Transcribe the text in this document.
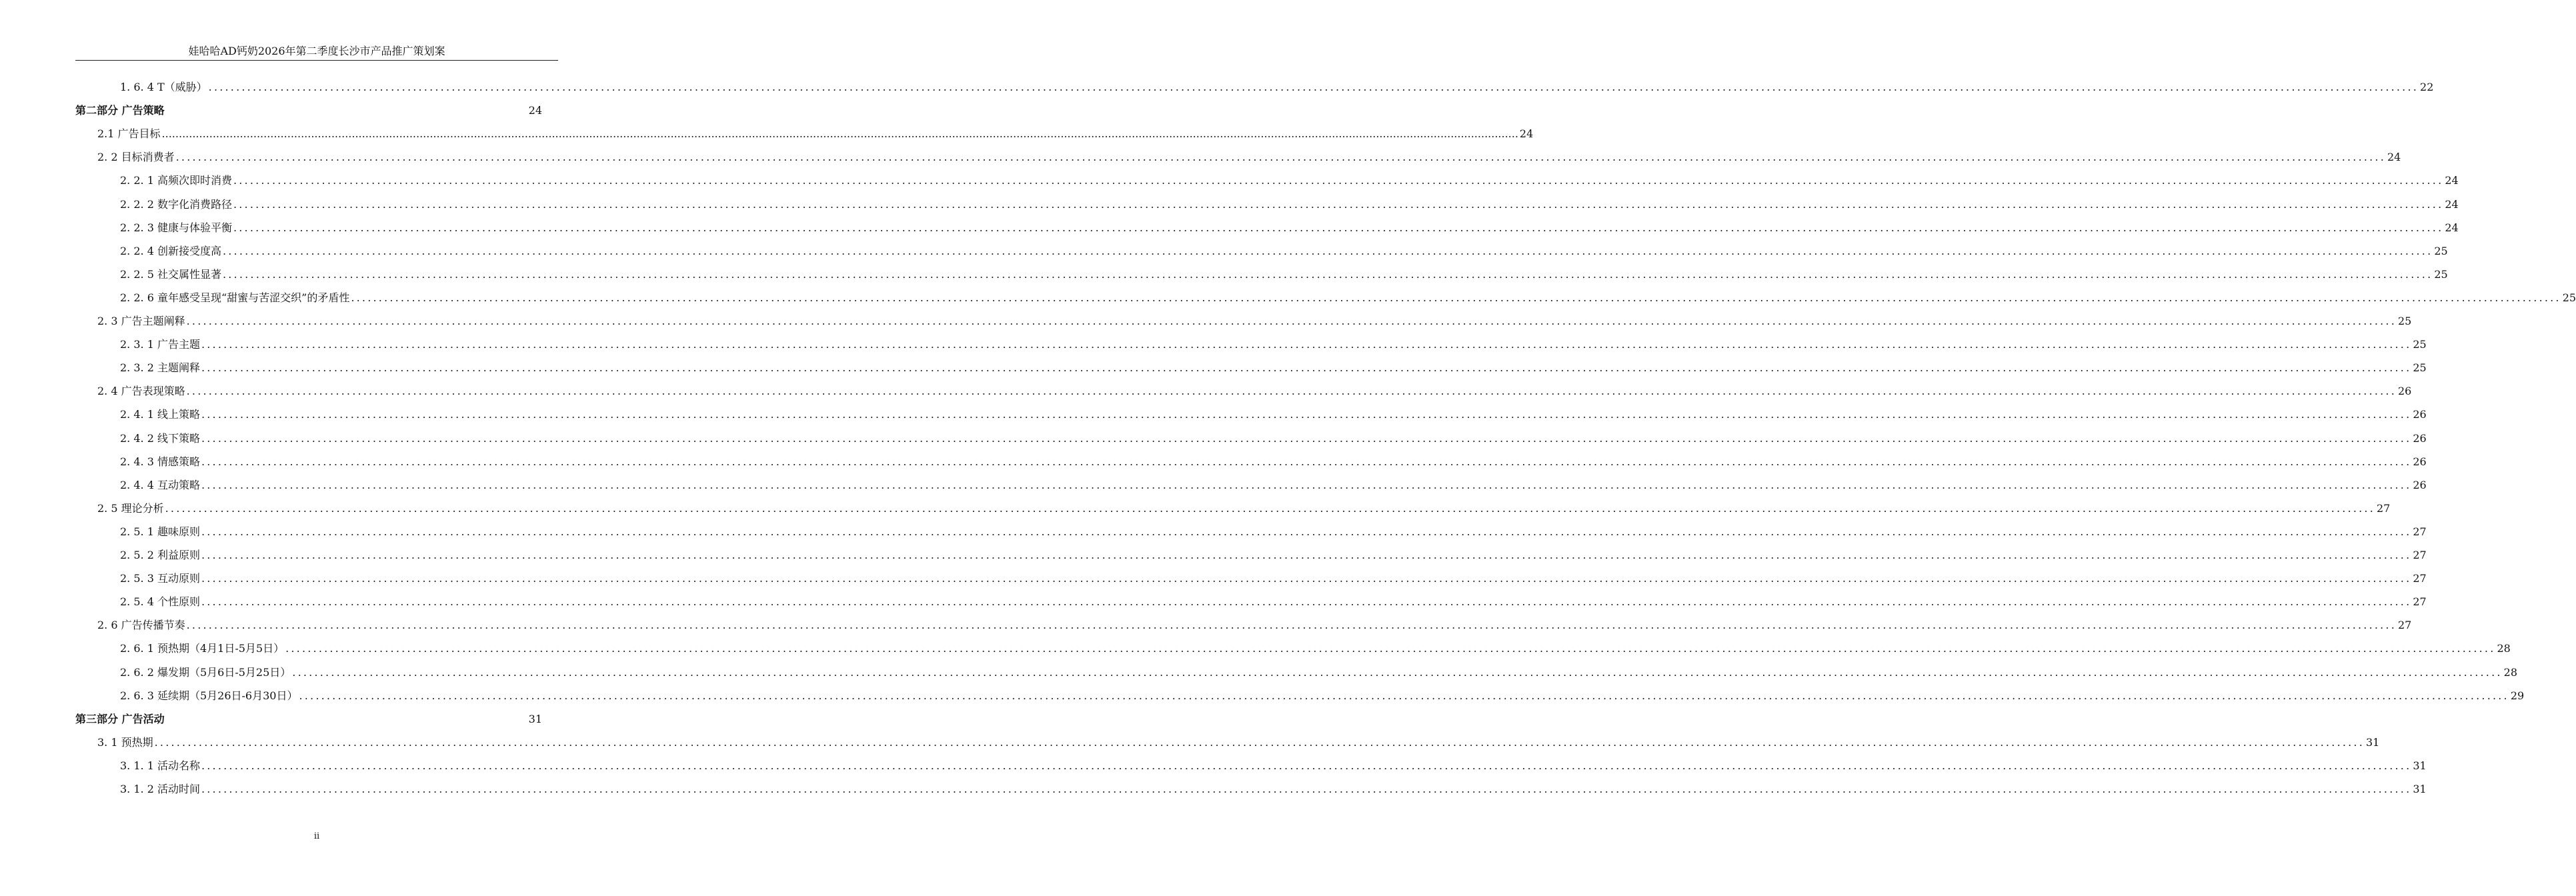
娃哈哈AD钙奶2026年第二季度长沙市产品推广策划案
1. 6. 4 T（威胁） ................................................................................................................................................................................................................................................................................................................................................................................................................ 22
第二部分 广告策略	24
2.1 广告目标 ................................................................................................................................................................................................................................................................................................................................................................................................................ 24
2. 2 目标消费者 ................................................................................................................................................................................................................................................................................................................................................................................................................ 24
2. 2. 1 高频次即时消费 ................................................................................................................................................................................................................................................................................................................................................................................................................ 24
2. 2. 2 数字化消费路径 ................................................................................................................................................................................................................................................................................................................................................................................................................ 24
2. 2. 3 健康与体验平衡 ................................................................................................................................................................................................................................................................................................................................................................................................................ 24
2. 2. 4 创新接受度高 ................................................................................................................................................................................................................................................................................................................................................................................................................ 25
2. 2. 5 社交属性显著 ................................................................................................................................................................................................................................................................................................................................................................................................................ 25
2. 2. 6 童年感受呈现“甜蜜与苦涩交织”的矛盾性 ................................................................................................................................................................................................................................................................................................................................................................................................................ 25
2. 3 广告主题阐释 ................................................................................................................................................................................................................................................................................................................................................................................................................ 25
2. 3. 1 广告主题 ................................................................................................................................................................................................................................................................................................................................................................................................................ 25
2. 3. 2 主题阐释 ................................................................................................................................................................................................................................................................................................................................................................................................................ 25
2. 4 广告表现策略 ................................................................................................................................................................................................................................................................................................................................................................................................................ 26
2. 4. 1 线上策略 ................................................................................................................................................................................................................................................................................................................................................................................................................ 26
2. 4. 2 线下策略 ................................................................................................................................................................................................................................................................................................................................................................................................................ 26
2. 4. 3 情感策略 ................................................................................................................................................................................................................................................................................................................................................................................................................ 26
2. 4. 4 互动策略 ................................................................................................................................................................................................................................................................................................................................................................................................................ 26
2. 5 理论分析 ................................................................................................................................................................................................................................................................................................................................................................................................................ 27
2. 5. 1 趣味原则 ................................................................................................................................................................................................................................................................................................................................................................................................................ 27
2. 5. 2 利益原则 ................................................................................................................................................................................................................................................................................................................................................................................................................ 27
2. 5. 3 互动原则 ................................................................................................................................................................................................................................................................................................................................................................................................................ 27
2. 5. 4 个性原则 ................................................................................................................................................................................................................................................................................................................................................................................................................ 27
2. 6 广告传播节奏 ................................................................................................................................................................................................................................................................................................................................................................................................................ 27
2. 6. 1 预热期（4月1日-5月5日） ................................................................................................................................................................................................................................................................................................................................................................................................................ 28
2. 6. 2 爆发期（5月6日-5月25日） ................................................................................................................................................................................................................................................................................................................................................................................................................ 28
2. 6. 3 延续期（5月26日-6月30日） ................................................................................................................................................................................................................................................................................................................................................................................................................ 29
第三部分 广告活动	31
3. 1 预热期 ................................................................................................................................................................................................................................................................................................................................................................................................................ 31
3. 1. 1 活动名称 ................................................................................................................................................................................................................................................................................................................................................................................................................ 31
3. 1. 2 活动时间 ................................................................................................................................................................................................................................................................................................................................................................................................................ 31
ii
